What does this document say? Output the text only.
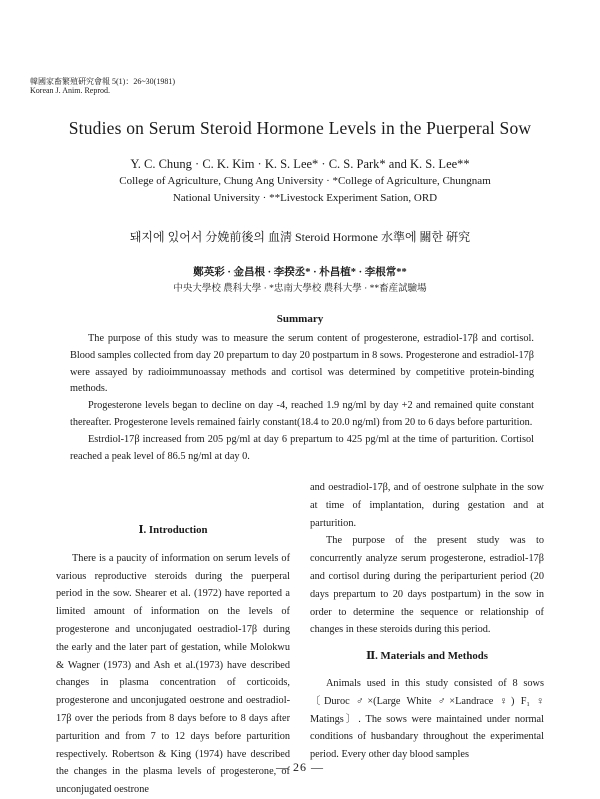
韓國家畜繁殖硏究會報 5(1)：26~30(1981)
Korean J. Anim. Reprod.
Studies on Serum Steroid Hormone Levels in the Puerperal Sow
Y. C. Chung · C. K. Kim · K. S. Lee* · C. S. Park* and K. S. Lee**
College of Agriculture, Chung Ang University · *College of Agriculture, Chungnam
National University · **Livestock Experiment Sation, ORD
돼지에 있어서 分娩前後의 血淸 Steroid Hormone 水準에 關한 硏究
鄭英彩 · 金昌根 · 李揆丞* · 朴昌植* · 李根常**
中央大學校 農科大學 · *忠南大學校 農科大學 · **畜産試驗場
Summary

The purpose of this study was to measure the serum content of progesterone, estradiol-17β and cortisol. Blood samples collected from day 20 prepartum to day 20 postpartum in 8 sows. Progesterone and estradiol-17β were assayed by radioimmunoassay methods and cortisol was determined by competitive protein-binding methods.

Progesterone levels began to decline on day -4, reached 1.9 ng/ml by day +2 and remained quite constant thereafter. Progesterone levels remained fairly constant(18.4 to 20.0 ng/ml) from 20 to 6 days before parturition.

Estrdiol-17β increased from 205 pg/ml at day 6 prepartum to 425 pg/ml at the time of parturition. Cortisol reached a peak level of 86.5 ng/ml at day 0.

Ⅰ. Introduction

There is a paucity of information on serum levels of various reproductive steroids during the puerperal period in the sow. Shearer et al. (1972) have reported a limited amount of information on the levels of progesterone and unconjugated oestradiol-17β during the early and the later part of gestation, while Molokwu & Wagner (1973) and Ash et al.(1973) have described changes in plasma concentration of corticoids, progesterone and unconjugated oestrone and oestradiol-17β over the periods from 8 days before to 8 days after parturition and from 7 to 12 days before parturition respectively. Robertson & King (1974) have described the changes in the plasma levels of progesterone, of unconjugated oestrone

and oestradiol-17β, and of oestrone sulphate in the sow at time of implantation, during gestation and at parturition.

The purpose of the present study was to concurrently analyze serum progesterone, estradiol-17β and cortisol during during the periparturient period (20 days prepartum to 20 days postpartum) in the sow in order to determine the sequence or relationship of changes in these steroids during this period.

Ⅱ. Materials and Methods

Animals used in this study consisted of 8 sows 〔Duroc ♂×(Large White ♂×Landrace ♀) F₁ ♀ Matings〕. The sows were maintained under normal conditions of husbandary throughout the experimental period. Every other day blood samples

— 26 —
